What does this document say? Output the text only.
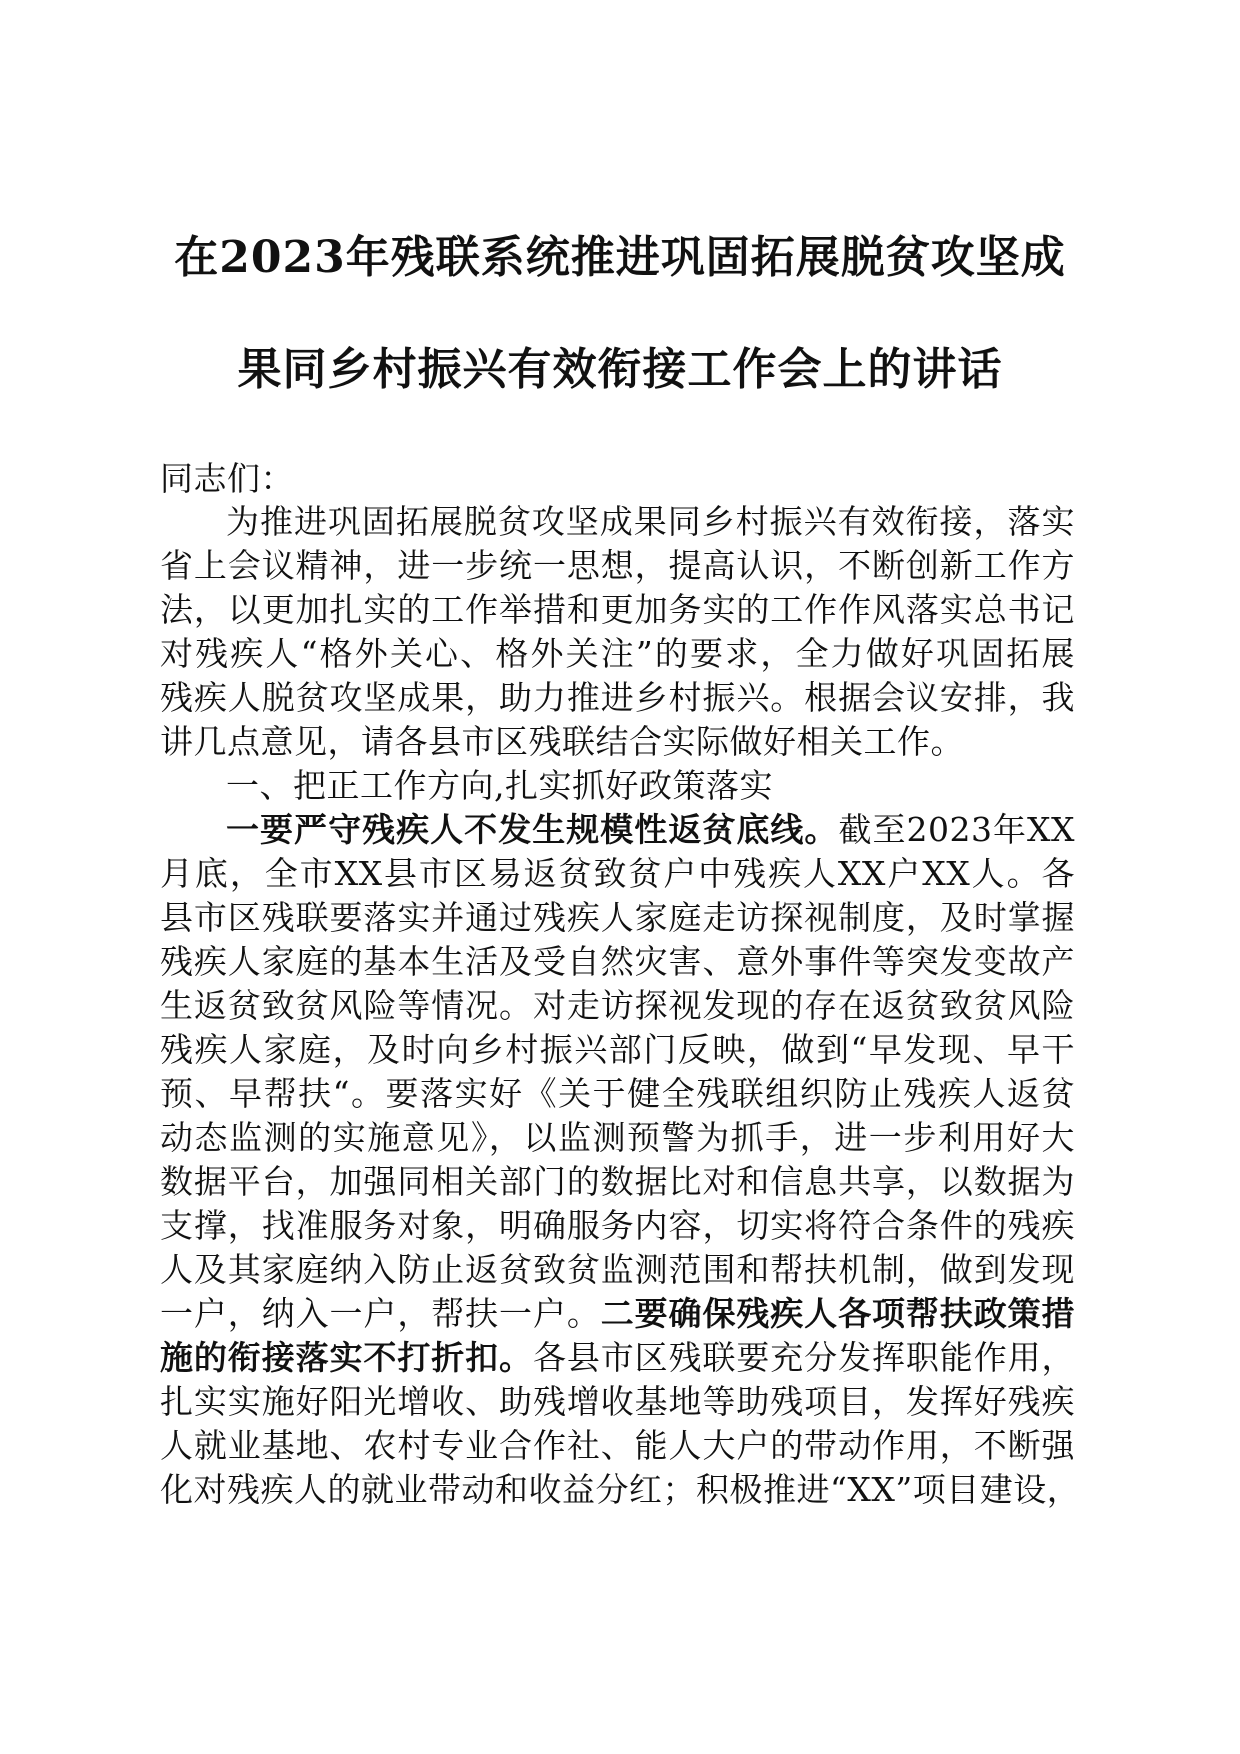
在2023年残联系统推进巩固拓展脱贫攻坚成
果同乡村振兴有效衔接工作会上的讲话
同志们：
为推进巩固拓展脱贫攻坚成果同乡村振兴有效衔接，落实
省上会议精神，进一步统一思想，提高认识，不断创新工作方
法，以更加扎实的工作举措和更加务实的工作作风落实总书记
对残疾人“格外关心、格外关注”的要求，全力做好巩固拓展
残疾人脱贫攻坚成果，助力推进乡村振兴。根据会议安排，我
讲几点意见，请各县市区残联结合实际做好相关工作。
一、把正工作方向,扎实抓好政策落实
一要严守残疾人不发生规模性返贫底线。截至2023年XX
月底，全市XX县市区易返贫致贫户中残疾人XX户XX人。各
县市区残联要落实并通过残疾人家庭走访探视制度，及时掌握
残疾人家庭的基本生活及受自然灾害、意外事件等突发变故产
生返贫致贫风险等情况。对走访探视发现的存在返贫致贫风险
残疾人家庭，及时向乡村振兴部门反映，做到“早发现、早干
预、早帮扶“。要落实好《关于健全残联组织防止残疾人返贫
动态监测的实施意见》，以监测预警为抓手，进一步利用好大
数据平台，加强同相关部门的数据比对和信息共享，以数据为
支撑，找准服务对象，明确服务内容，切实将符合条件的残疾
人及其家庭纳入防止返贫致贫监测范围和帮扶机制，做到发现
一户，纳入一户，帮扶一户。二要确保残疾人各项帮扶政策措
施的衔接落实不打折扣。各县市区残联要充分发挥职能作用，
扎实实施好阳光增收、助残增收基地等助残项目，发挥好残疾
人就业基地、农村专业合作社、能人大户的带动作用，不断强
化对残疾人的就业带动和收益分红；积极推进“XX”项目建设，
